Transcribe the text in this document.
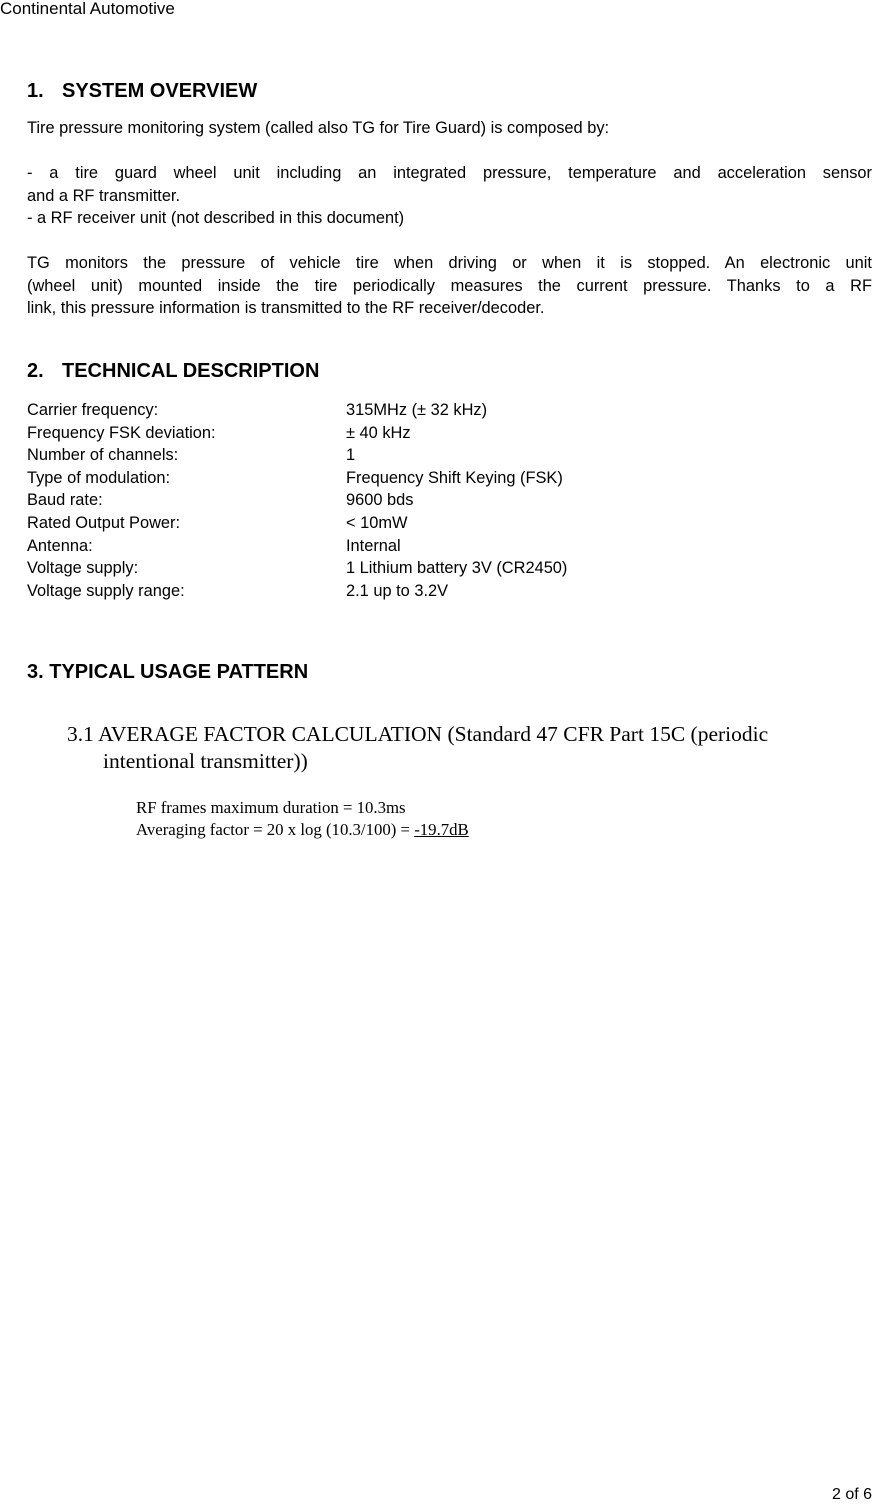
Continental Automotive
1. SYSTEM OVERVIEW
Tire pressure monitoring system (called also TG for Tire Guard) is composed by:
- a tire guard wheel unit including an integrated pressure, temperature and acceleration sensor
and a RF transmitter.
- a RF receiver unit (not described in this document)
TG monitors the pressure of vehicle tire when driving or when it is stopped. An electronic unit
(wheel unit) mounted inside the tire periodically measures the current pressure. Thanks to a RF
link, this pressure information is transmitted to the RF receiver/decoder.
2. TECHNICAL DESCRIPTION
Carrier frequency:	315MHz (± 32 kHz)
Frequency FSK deviation:	± 40 kHz
Number of channels:	1
Type of modulation:	Frequency Shift Keying (FSK)
Baud rate:	9600 bds
Rated Output Power:	< 10mW
Antenna:	Internal
Voltage supply:	1 Lithium battery 3V (CR2450)
Voltage supply range:	2.1 up to 3.2V
3. TYPICAL USAGE PATTERN
3.1 AVERAGE FACTOR CALCULATION (Standard 47 CFR Part 15C (periodic
intentional transmitter))
RF frames maximum duration = 10.3ms
Averaging factor = 20 x log (10.3/100) = -19.7dB
2 of 6
